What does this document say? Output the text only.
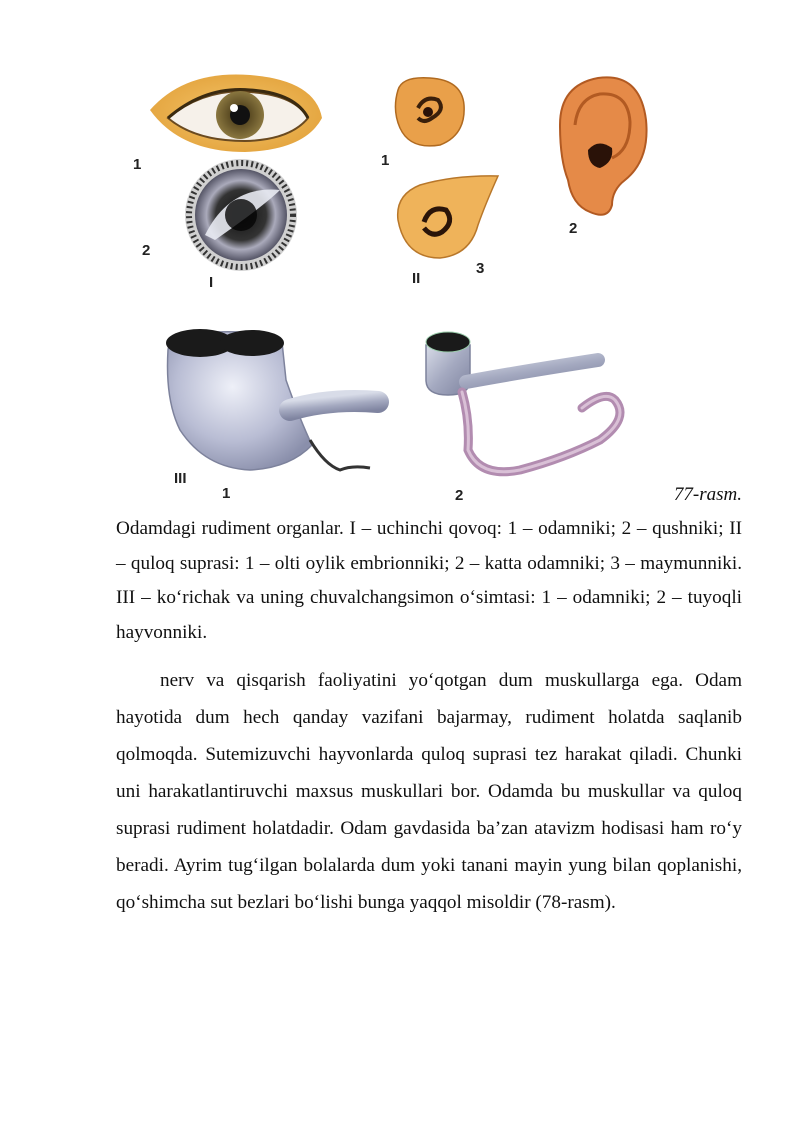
1
2
I
1
2
3
II
III
1	2	77-rasm.
Odamdagi rudiment organlar. I – uchinchi qovoq: 1 – odamniki; 2 – qushniki; II – quloq suprasi: 1 – olti oylik embrionniki; 2 – katta odamniki; 3 – maymunniki. III – ko‘richak va uning chuvalchangsimon o‘simtasi: 1 – odamniki; 2 – tuyoqli hayvonniki.
nerv va qisqarish faoliyatini yo‘qotgan dum muskullarga ega. Odam hayotida dum hech qanday vazifani bajarmay, rudiment holatda saqlanib qolmoqda. Sutemizuvchi hayvonlarda quloq suprasi tez harakat qiladi. Chunki uni harakatlantiruvchi maxsus muskullari bor. Odamda bu muskullar va quloq suprasi rudiment holatdadir. Odam gavdasida ba’zan atavizm hodisasi ham ro‘y beradi. Ayrim tug‘ilgan bolalarda dum yoki tanani mayin yung bilan qoplanishi, qo‘shimcha sut bezlari bo‘lishi bunga yaqqol misoldir (78-rasm).
